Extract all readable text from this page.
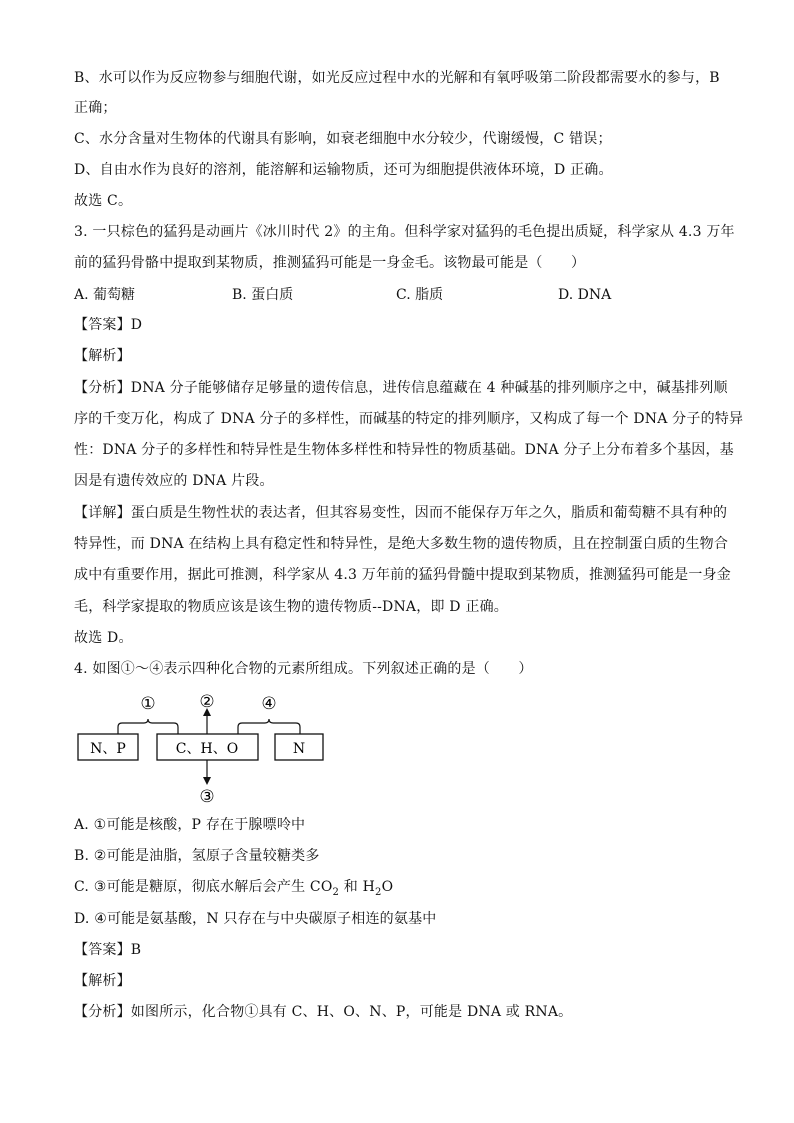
B、水可以作为反应物参与细胞代谢，如光反应过程中水的光解和有氧呼吸第二阶段都需要水的参与，B
正确；
C、水分含量对生物体的代谢具有影响，如衰老细胞中水分较少，代谢缓慢，C 错误；
D、自由水作为良好的溶剂，能溶解和运输物质，还可为细胞提供液体环境，D 正确。
故选 C。
3. 一只棕色的猛犸是动画片《冰川时代 2》的主角。但科学家对猛犸的毛色提出质疑，科学家从 4.3 万年
前的猛犸骨骼中提取到某物质，推测猛犸可能是一身金毛。该物最可能是（　　）
A. 葡萄糖	B. 蛋白质	C. 脂质	D. DNA
【答案】D
【解析】
【分析】DNA 分子能够储存足够量的遗传信息，进传信息蕴藏在 4 种碱基的排列顺序之中，碱基排列顺
序的千变万化，构成了 DNA 分子的多样性，而碱基的特定的排列顺序，又构成了每一个 DNA 分子的特异
性：DNA 分子的多样性和特异性是生物体多样性和特异性的物质基础。DNA 分子上分布着多个基因，基
因是有遗传效应的 DNA 片段。
【详解】蛋白质是生物性状的表达者，但其容易变性，因而不能保存万年之久，脂质和葡萄糖不具有种的
特异性，而 DNA 在结构上具有稳定性和特异性，是绝大多数生物的遗传物质，且在控制蛋白质的生物合
成中有重要作用，据此可推测，科学家从 4.3 万年前的猛犸骨髓中提取到某物质，推测猛犸可能是一身金
毛，科学家提取的物质应该是该生物的遗传物质--DNA，即 D 正确。
故选 D。
4. 如图①～④表示四种化合物的元素所组成。下列叙述正确的是（　　）
N、P	C、H、O	N
①	②	④
③
A. ①可能是核酸，P 存在于腺嘌呤中
B. ②可能是油脂，氢原子含量较糖类多
C. ③可能是糖原，彻底水解后会产生 $CO_2$ 和 $H_2O$
D. ④可能是氨基酸，N 只存在与中央碳原子相连的氨基中
【答案】B
【解析】
【分析】如图所示，化合物①具有 C、H、O、N、P，可能是 DNA 或 RNA。
